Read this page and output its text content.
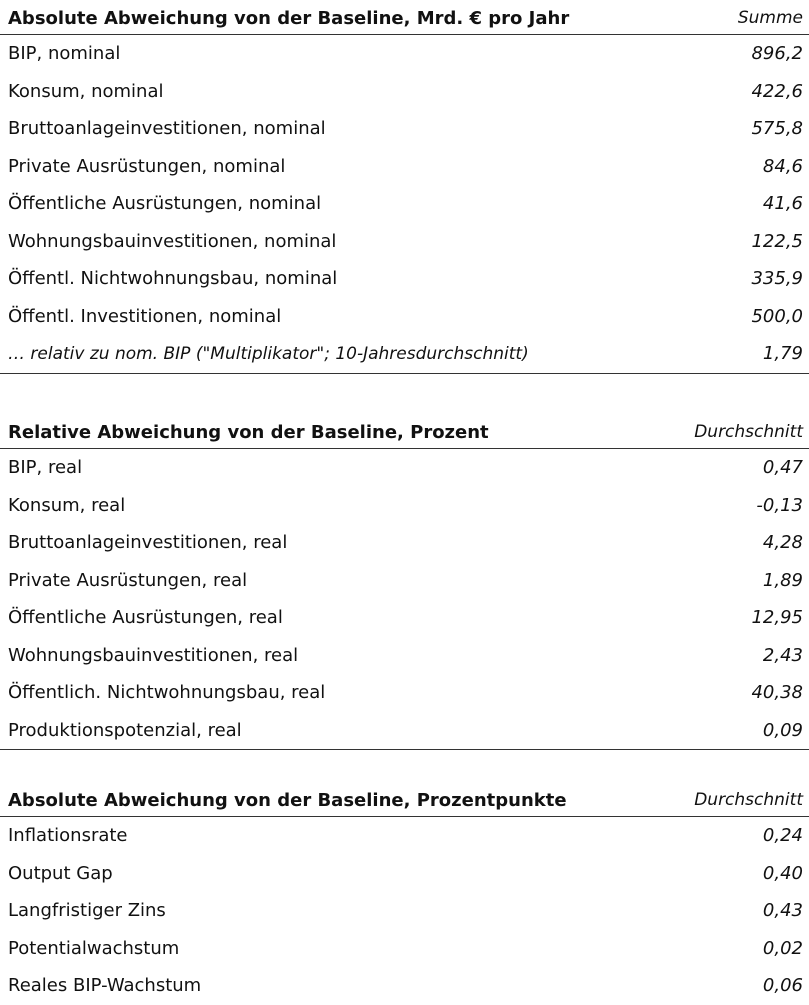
Absolute Abweichung von der Baseline, Mrd. € pro Jahr	Summe
BIP, nominal	896,2
Konsum, nominal	422,6
Bruttoanlageinvestitionen, nominal	575,8
Private Ausrüstungen, nominal	84,6
Öffentliche Ausrüstungen, nominal	41,6
Wohnungsbauinvestitionen, nominal	122,5
Öffentl. Nichtwohnungsbau, nominal	335,9
Öffentl. Investitionen, nominal	500,0
… relativ zu nom. BIP ("Multiplikator"; 10-Jahresdurchschnitt)	1,79
Relative Abweichung von der Baseline, Prozent	Durchschnitt
BIP, real	0,47
Konsum, real	-0,13
Bruttoanlageinvestitionen, real	4,28
Private Ausrüstungen, real	1,89
Öffentliche Ausrüstungen, real	12,95
Wohnungsbauinvestitionen, real	2,43
Öffentlich. Nichtwohnungsbau, real	40,38
Produktionspotenzial, real	0,09
Absolute Abweichung von der Baseline, Prozentpunkte	Durchschnitt
Inflationsrate	0,24
Output Gap	0,40
Langfristiger Zins	0,43
Potentialwachstum	0,02
Reales BIP-Wachstum	0,06
